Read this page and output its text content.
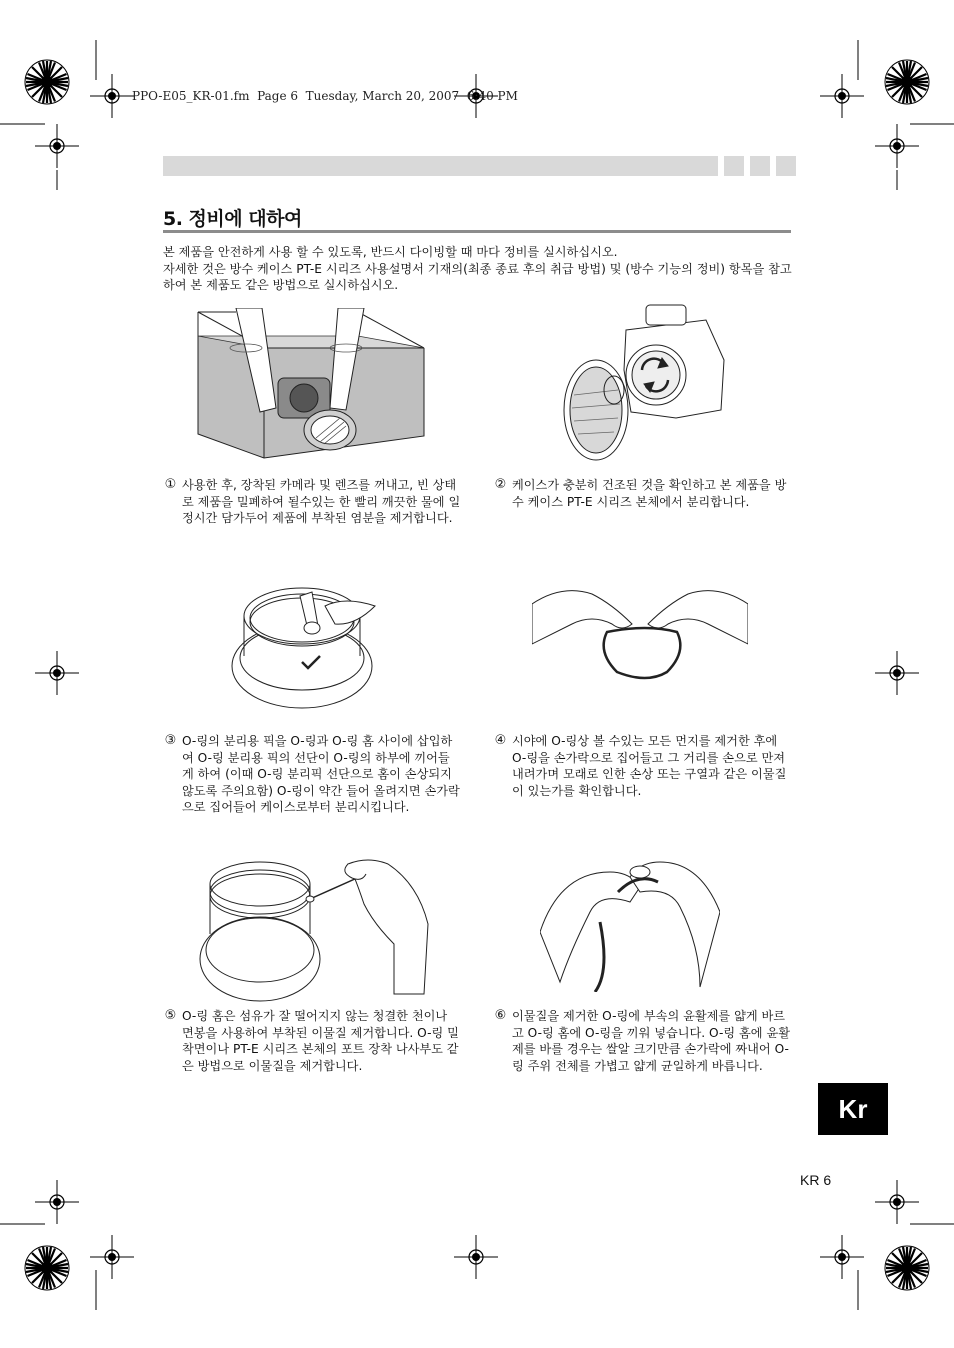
PPO-E05_KR-01.fm  Page 6  Tuesday, March 20, 2007  6:40 PM
5. 정비에 대하여

본 제품을 안전하게 사용 할 수 있도록, 반드시 다이빙할 때 마다 정비를 실시하십시오.

자세한 것은 방수 케이스 PT-E 시리즈 사용설명서 기재의(최종 종료 후의 취급 방법) 및 (방수 기능의 정비) 항목을 참고하여 본 제품도 같은 방법으로 실시하십시오.

① 사용한 후, 장착된 카메라 및 렌즈를 꺼내고, 빈 상태로 제품을 밀폐하여 될수있는 한 빨리 깨끗한 물에 일정시간 담가두어 제품에 부착된 염분을 제거합니다.
② 케이스가 충분히 건조된 것을 확인하고 본 제품을 방수 케이스 PT-E 시리즈 본체에서 분리합니다.
③ O-링의 분리용 픽을 O-링과 O-링 홈 사이에 삽입하여 O-링 분리용 픽의 선단이 O-링의 하부에 끼어들게 하여 (이때 O-링 분리픽 선단으로 홈이 손상되지 않도록 주의요함) O-링이 약간 들어 올려지면 손가락으로 집어들어 케이스로부터 분리시킵니다.
④ 시야에 O-링상 볼 수있는 모든 먼지를 제거한 후에 O-링을 손가락으로 집어들고 그 거리를 손으로 만져 내려가며 모래로 인한 손상 또는 구열과 같은 이물질이 있는가를 확인합니다.
⑤ O-링 홈은 섬유가 잘 떨어지지 않는 청결한 천이나 면봉을 사용하여 부착된 이물질 제거합니다. O-링 밀착면이나 PT-E 시리즈 본체의 포트 장착 나사부도 같은 방법으로 이물질을 제거합니다.
⑥ 이물질을 제거한 O-링에 부속의 윤활제를 얇게 바르고 O-링 홈에 O-링을 끼워 넣습니다. O-링 홈에 윤활제를 바를 경우는 쌀알 크기만큼 손가락에 짜내어 O-링 주위 전체를 가볍고 얇게 균일하게 바릅니다.
Kr
KR 6
